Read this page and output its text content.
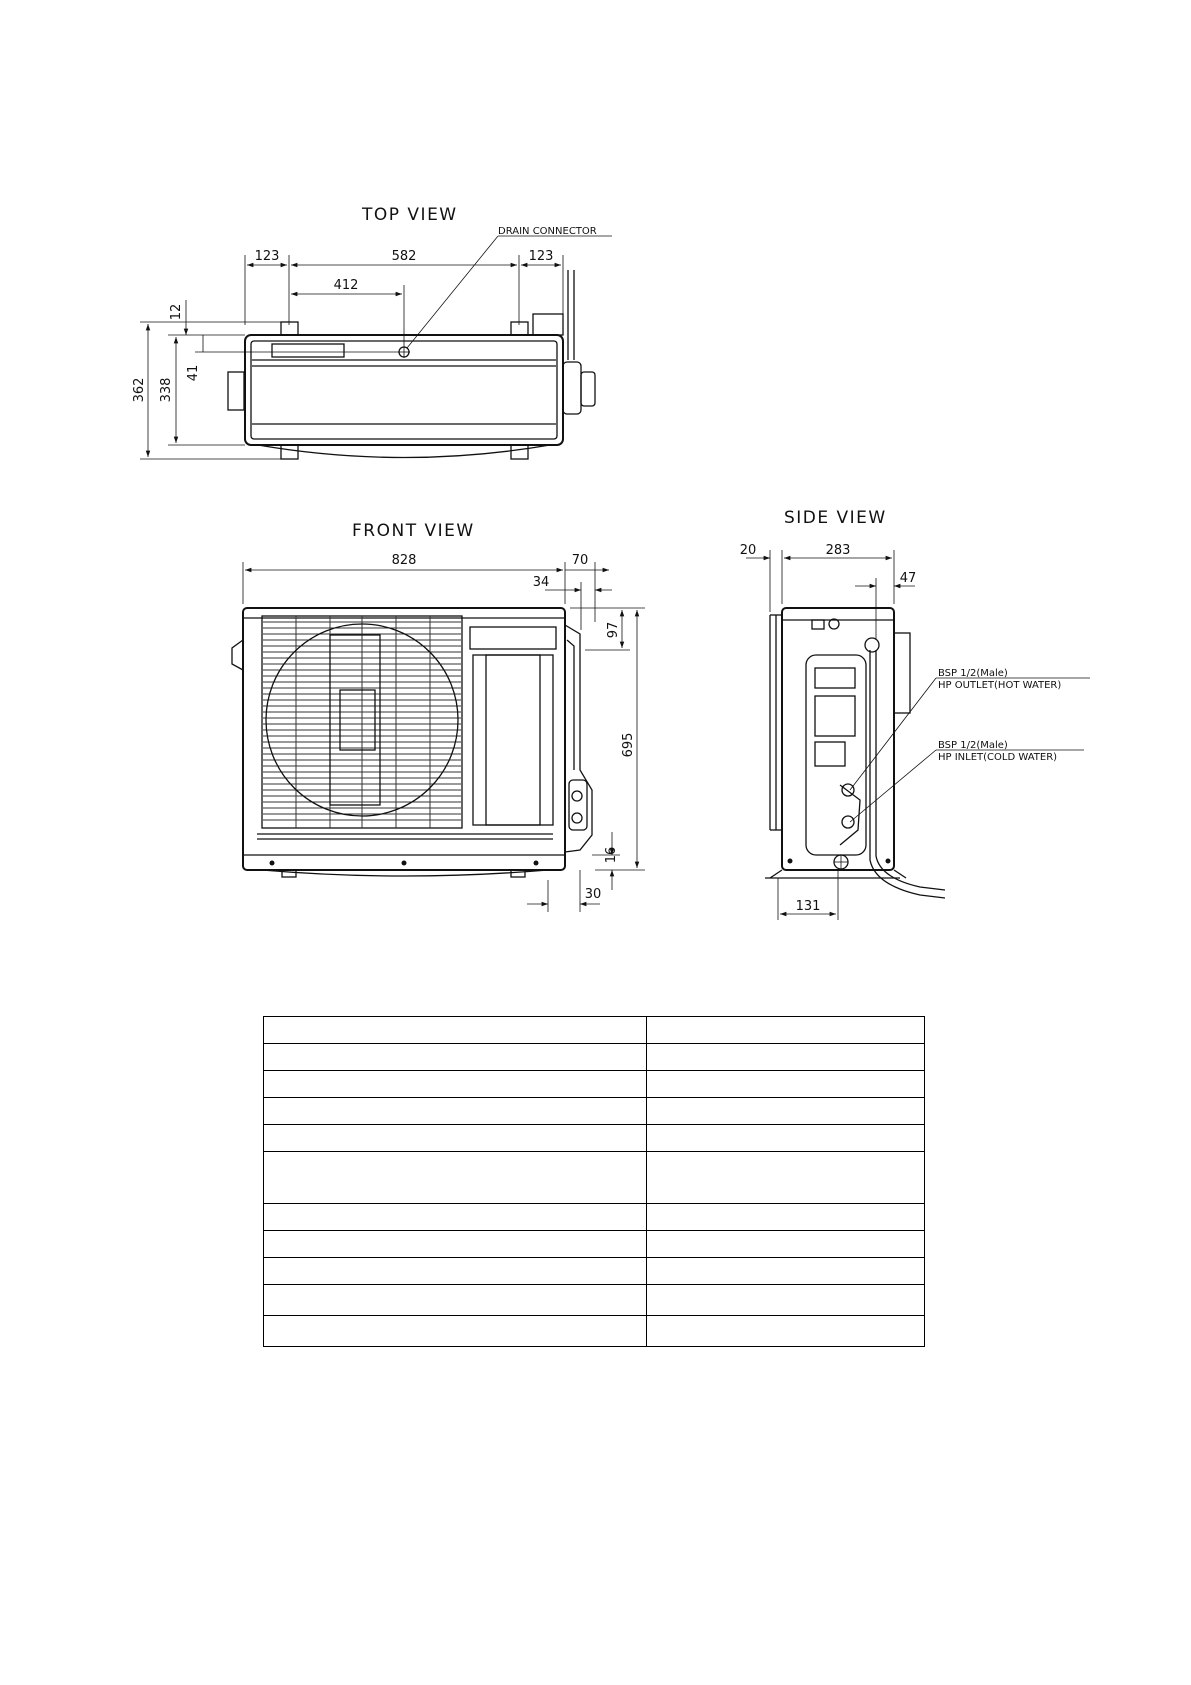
TOP VIEW
DRAIN CONNECTOR
123	582	123
412
12
41
338
362
FRONT VIEW
828	70
34
97
695
16
30
SIDE VIEW
BSP 1/2(Male)
HP OUTLET(HOT WATER)
BSP 1/2(Male)
HP INLET(COLD WATER)
20	283
47
131
